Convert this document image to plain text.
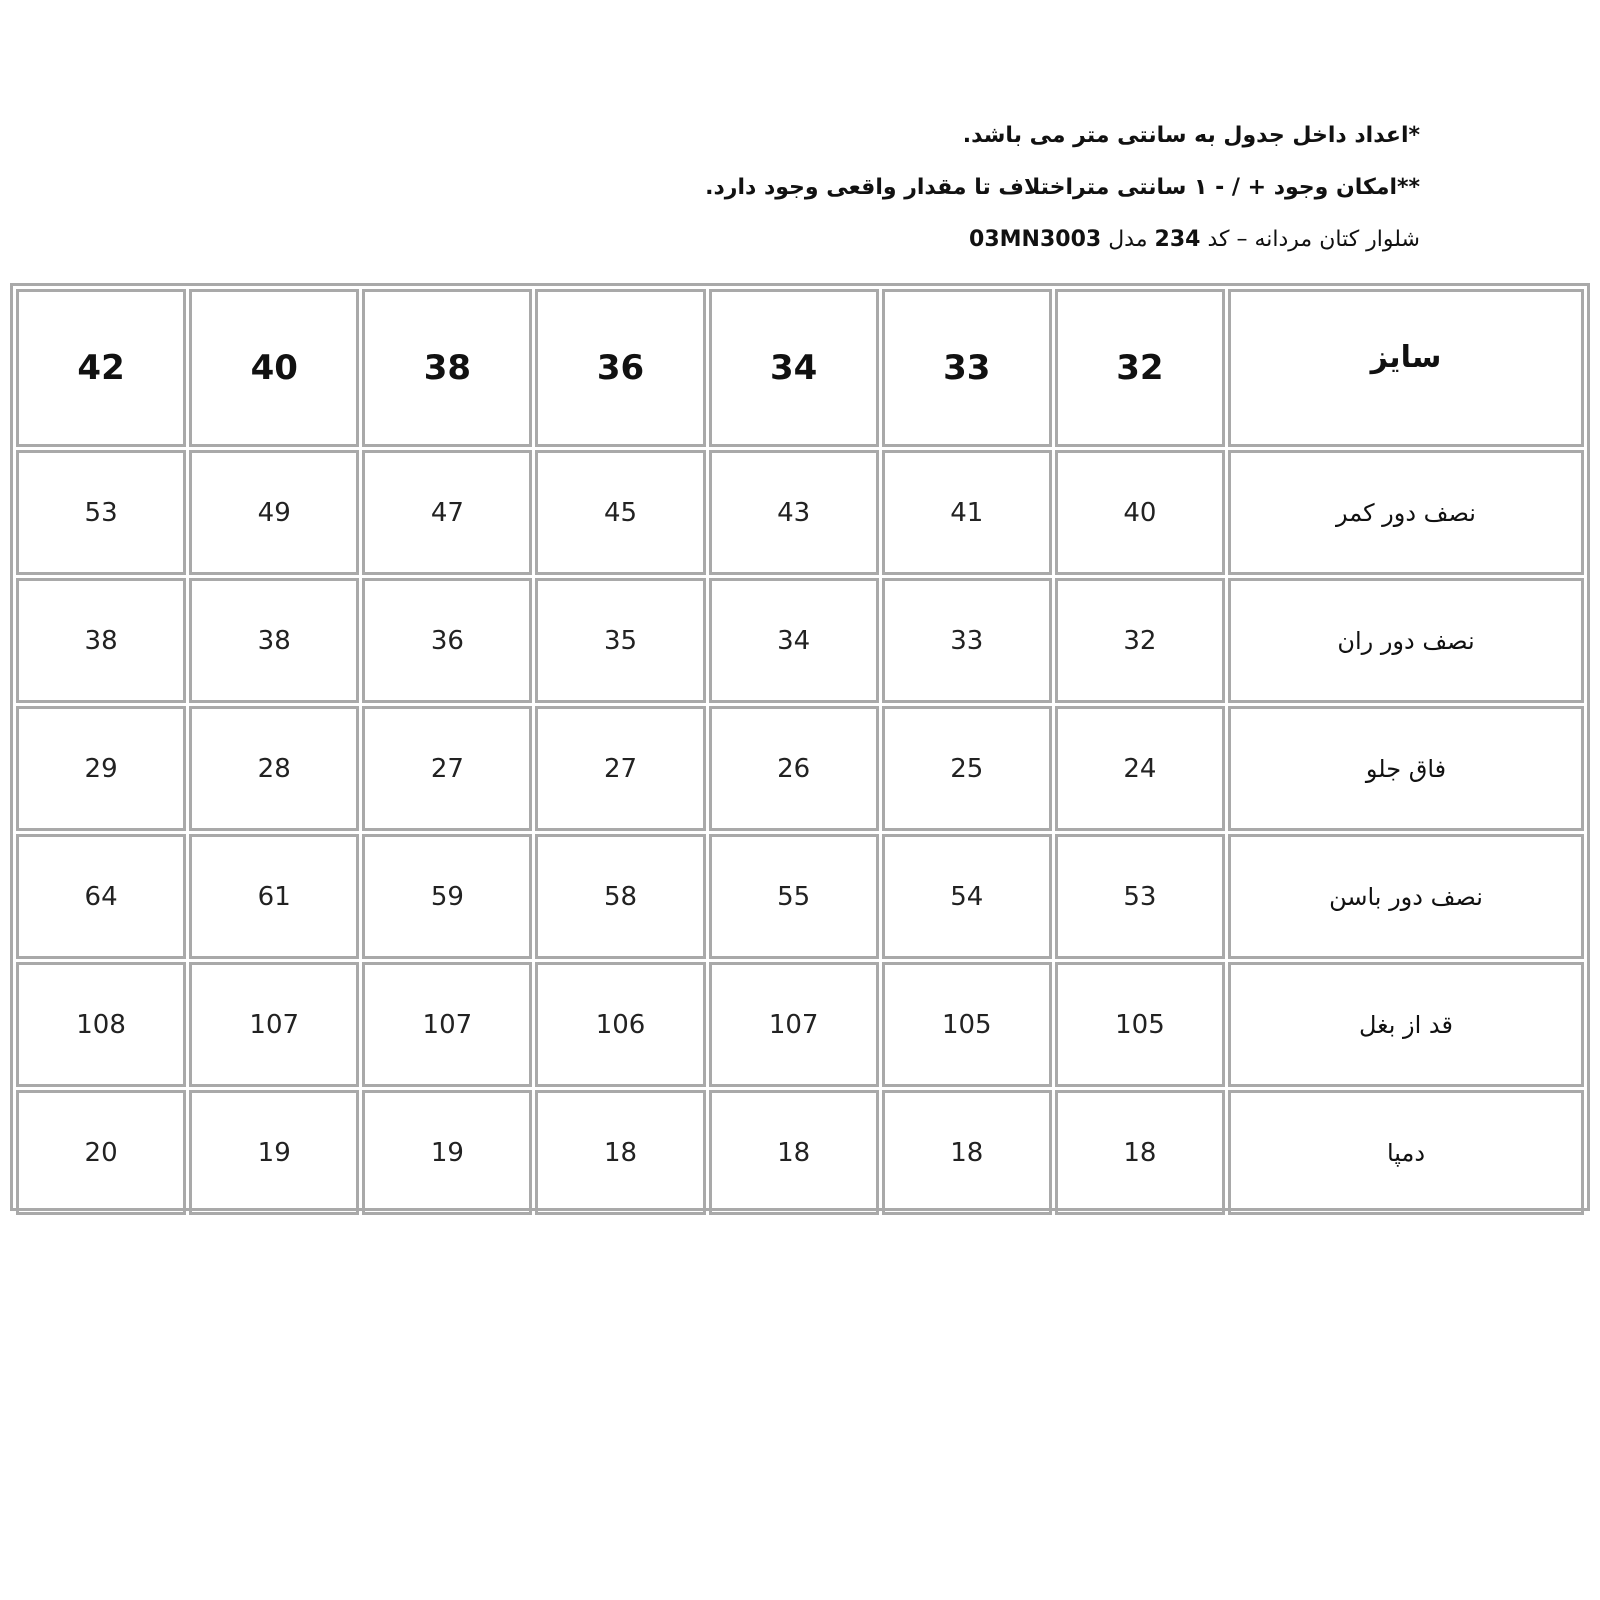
*اعداد داخل جدول به سانتی متر می باشد.
**امکان وجود + / - ۱ سانتی متراختلاف تا مقدار واقعی وجود دارد.
شلوار کتان مردانه – کد 234 مدل 03MN3003
سایز	32	33	34	36	38	40	42
نصف دور کمر	40	41	43	45	47	49	53
نصف دور ران	32	33	34	35	36	38	38
فاق جلو	24	25	26	27	27	28	29
نصف دور باسن	53	54	55	58	59	61	64
قد از بغل	105	105	107	106	107	107	108
دمپا	18	18	18	18	19	19	20
